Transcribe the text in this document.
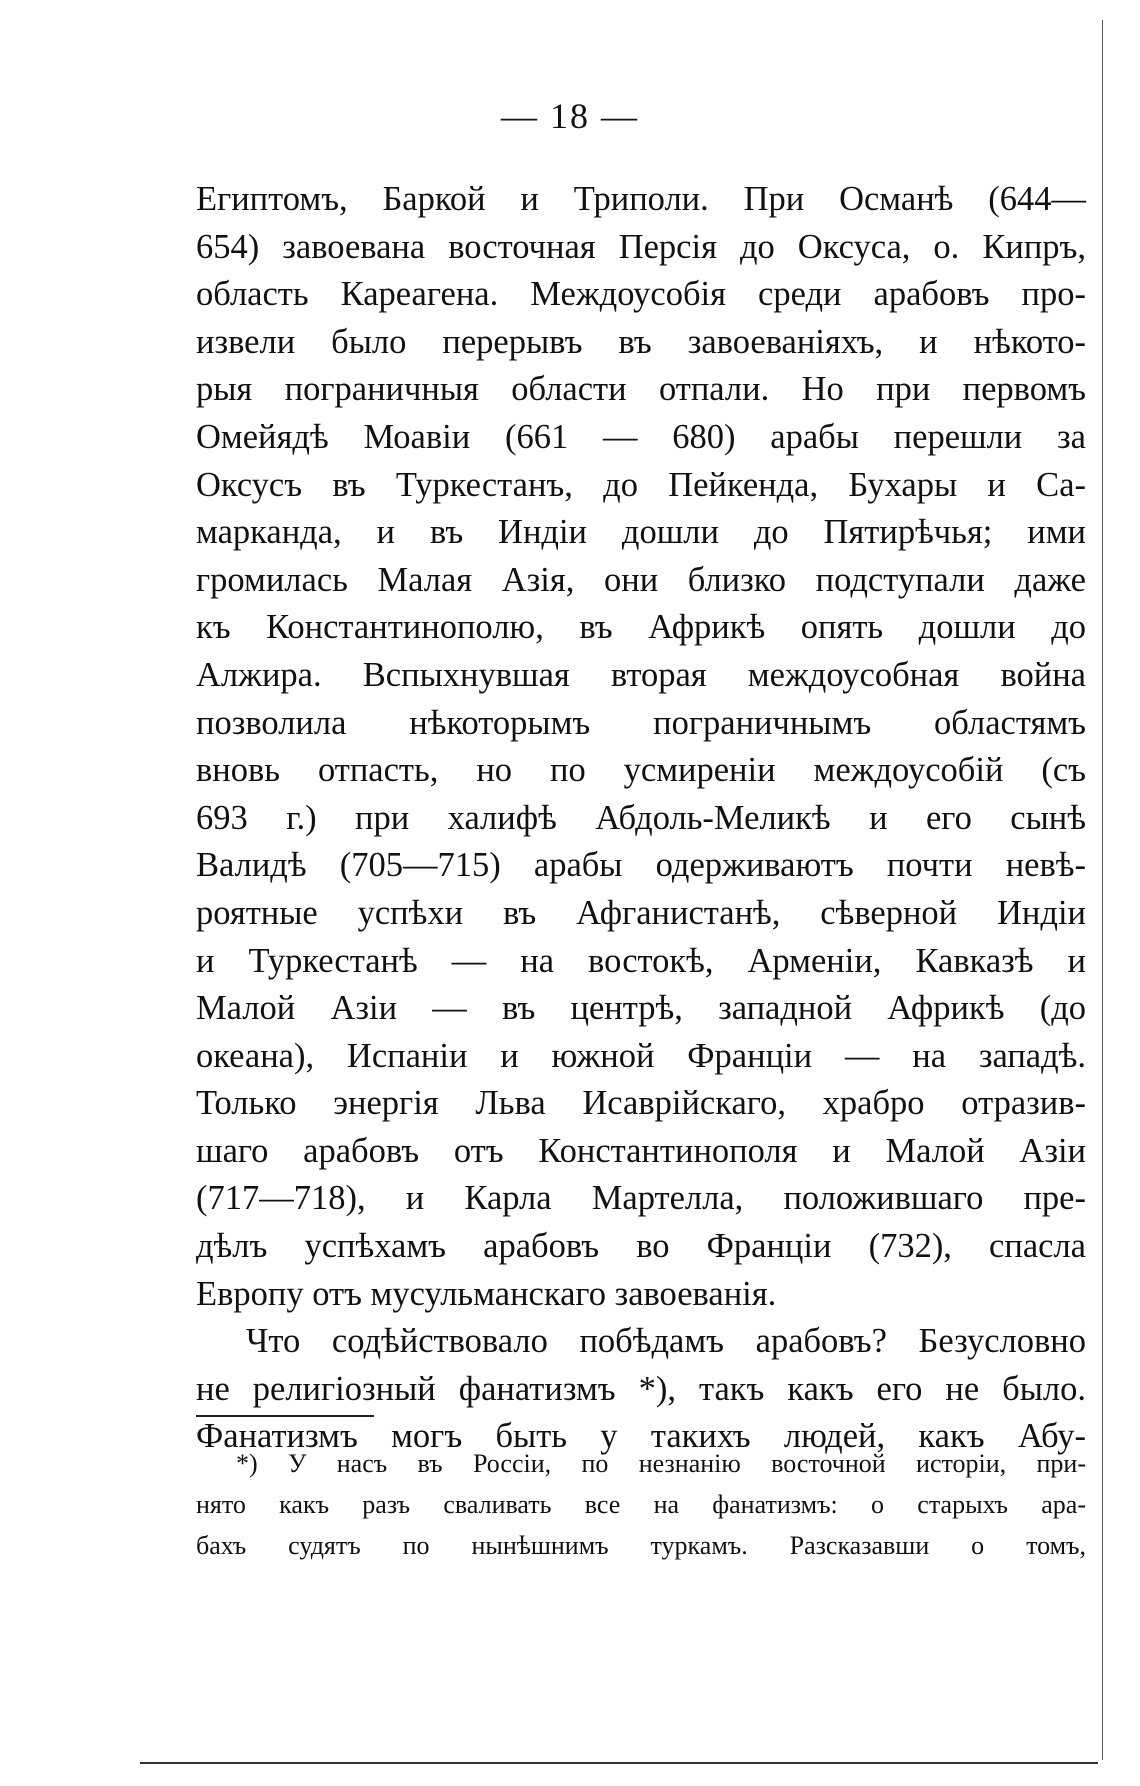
— 18 —
Египтомъ, Баркой и Триполи. При Османѣ (644—
654) завоевана восточная Персія до Оксуса, о. Кипръ,
область Кареагена. Междоусобія среди арабовъ про-
извели было перерывъ въ завоеваніяхъ, и нѣкото-
рыя пограничныя области отпали. Но при первомъ
Омейядѣ Моавіи (661 — 680) арабы перешли за
Оксусъ въ Туркестанъ, до Пейкенда, Бухары и Са-
марканда, и въ Индіи дошли до Пятирѣчья; ими
громилась Малая Азія, они близко подступали даже
къ Константинополю, въ Африкѣ опять дошли до
Алжира. Вспыхнувшая вторая междоусобная война
позволила нѣкоторымъ пограничнымъ областямъ
вновь отпасть, но по усмиреніи междоусобій (съ
693 г.) при халифѣ Абдоль-Меликѣ и его сынѣ
Валидѣ (705—715) арабы одерживаютъ почти невѣ-
роятные успѣхи въ Афганистанѣ, сѣверной Индіи
и Туркестанѣ — на востокѣ, Арменіи, Кавказѣ и
Малой Азіи — въ центрѣ, западной Африкѣ (до
океана), Испаніи и южной Франціи — на западѣ.
Только энергія Льва Исаврійскаго, храбро отразив-
шаго арабовъ отъ Константинополя и Малой Азіи
(717—718), и Карла Мартелла, положившаго пре-
дѣлъ успѣхамъ арабовъ во Франціи (732), спасла
Европу отъ мусульманскаго завоеванія.
Что содѣйствовало побѣдамъ арабовъ? Безусловно
не религіозный фанатизмъ *), такъ какъ его не было.
Фанатизмъ могъ быть у такихъ людей, какъ Абу-
*) У насъ въ Россіи, по незнанію восточной исторіи, при-
нято какъ разъ сваливать все на фанатизмъ: о старыхъ ара-
бахъ судятъ по нынѣшнимъ туркамъ. Разсказавши о томъ,
